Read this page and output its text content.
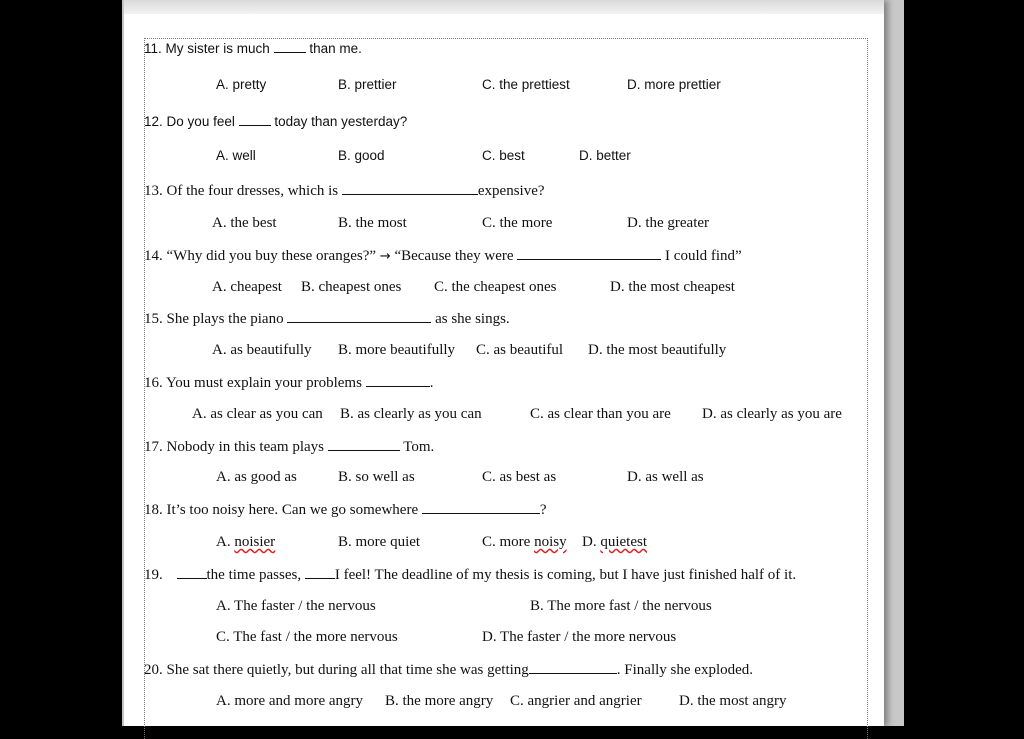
11. My sister is much	than me.
A. pretty	B. prettier	C. the prettiest	D. more prettier
12. Do you feel	today than yesterday?
A. well	B. good	C. best	D. better
13. Of the four dresses, which is	expensive?
A. the best	B. the most	C. the more	D. the greater
14. “Why did you buy these oranges?” → “Because they were	I could find”
A. cheapest B. cheapest ones C. the cheapest ones	D. the most cheapest
15. She plays the piano	as she sings.
A. as beautifully B. more beautifully C. as beautiful D. the most beautifully
16. You must explain your problems	.
A. as clear as you can B. as clearly as you can	C. as clear than you are D. as clearly as you are
17. Nobody in this team plays	Tom.
A. as good as	B. so well as	C. as best as	D. as well as
18. It’s too noisy here. Can we go somewhere	?
A. noisier	B. more quiet	C. more noisy D. quietest
19.	the time passes, I feel! The deadline of my thesis is coming, but I have just finished half of it.
A. The faster / the nervous	B. The more fast / the nervous
C. The fast / the more nervous	D. The faster / the more nervous
20. She sat there quietly, but during all that time she was getting	. Finally she exploded.
A. more and more angry B. the more angry C. angrier and angrier D. the most angry
